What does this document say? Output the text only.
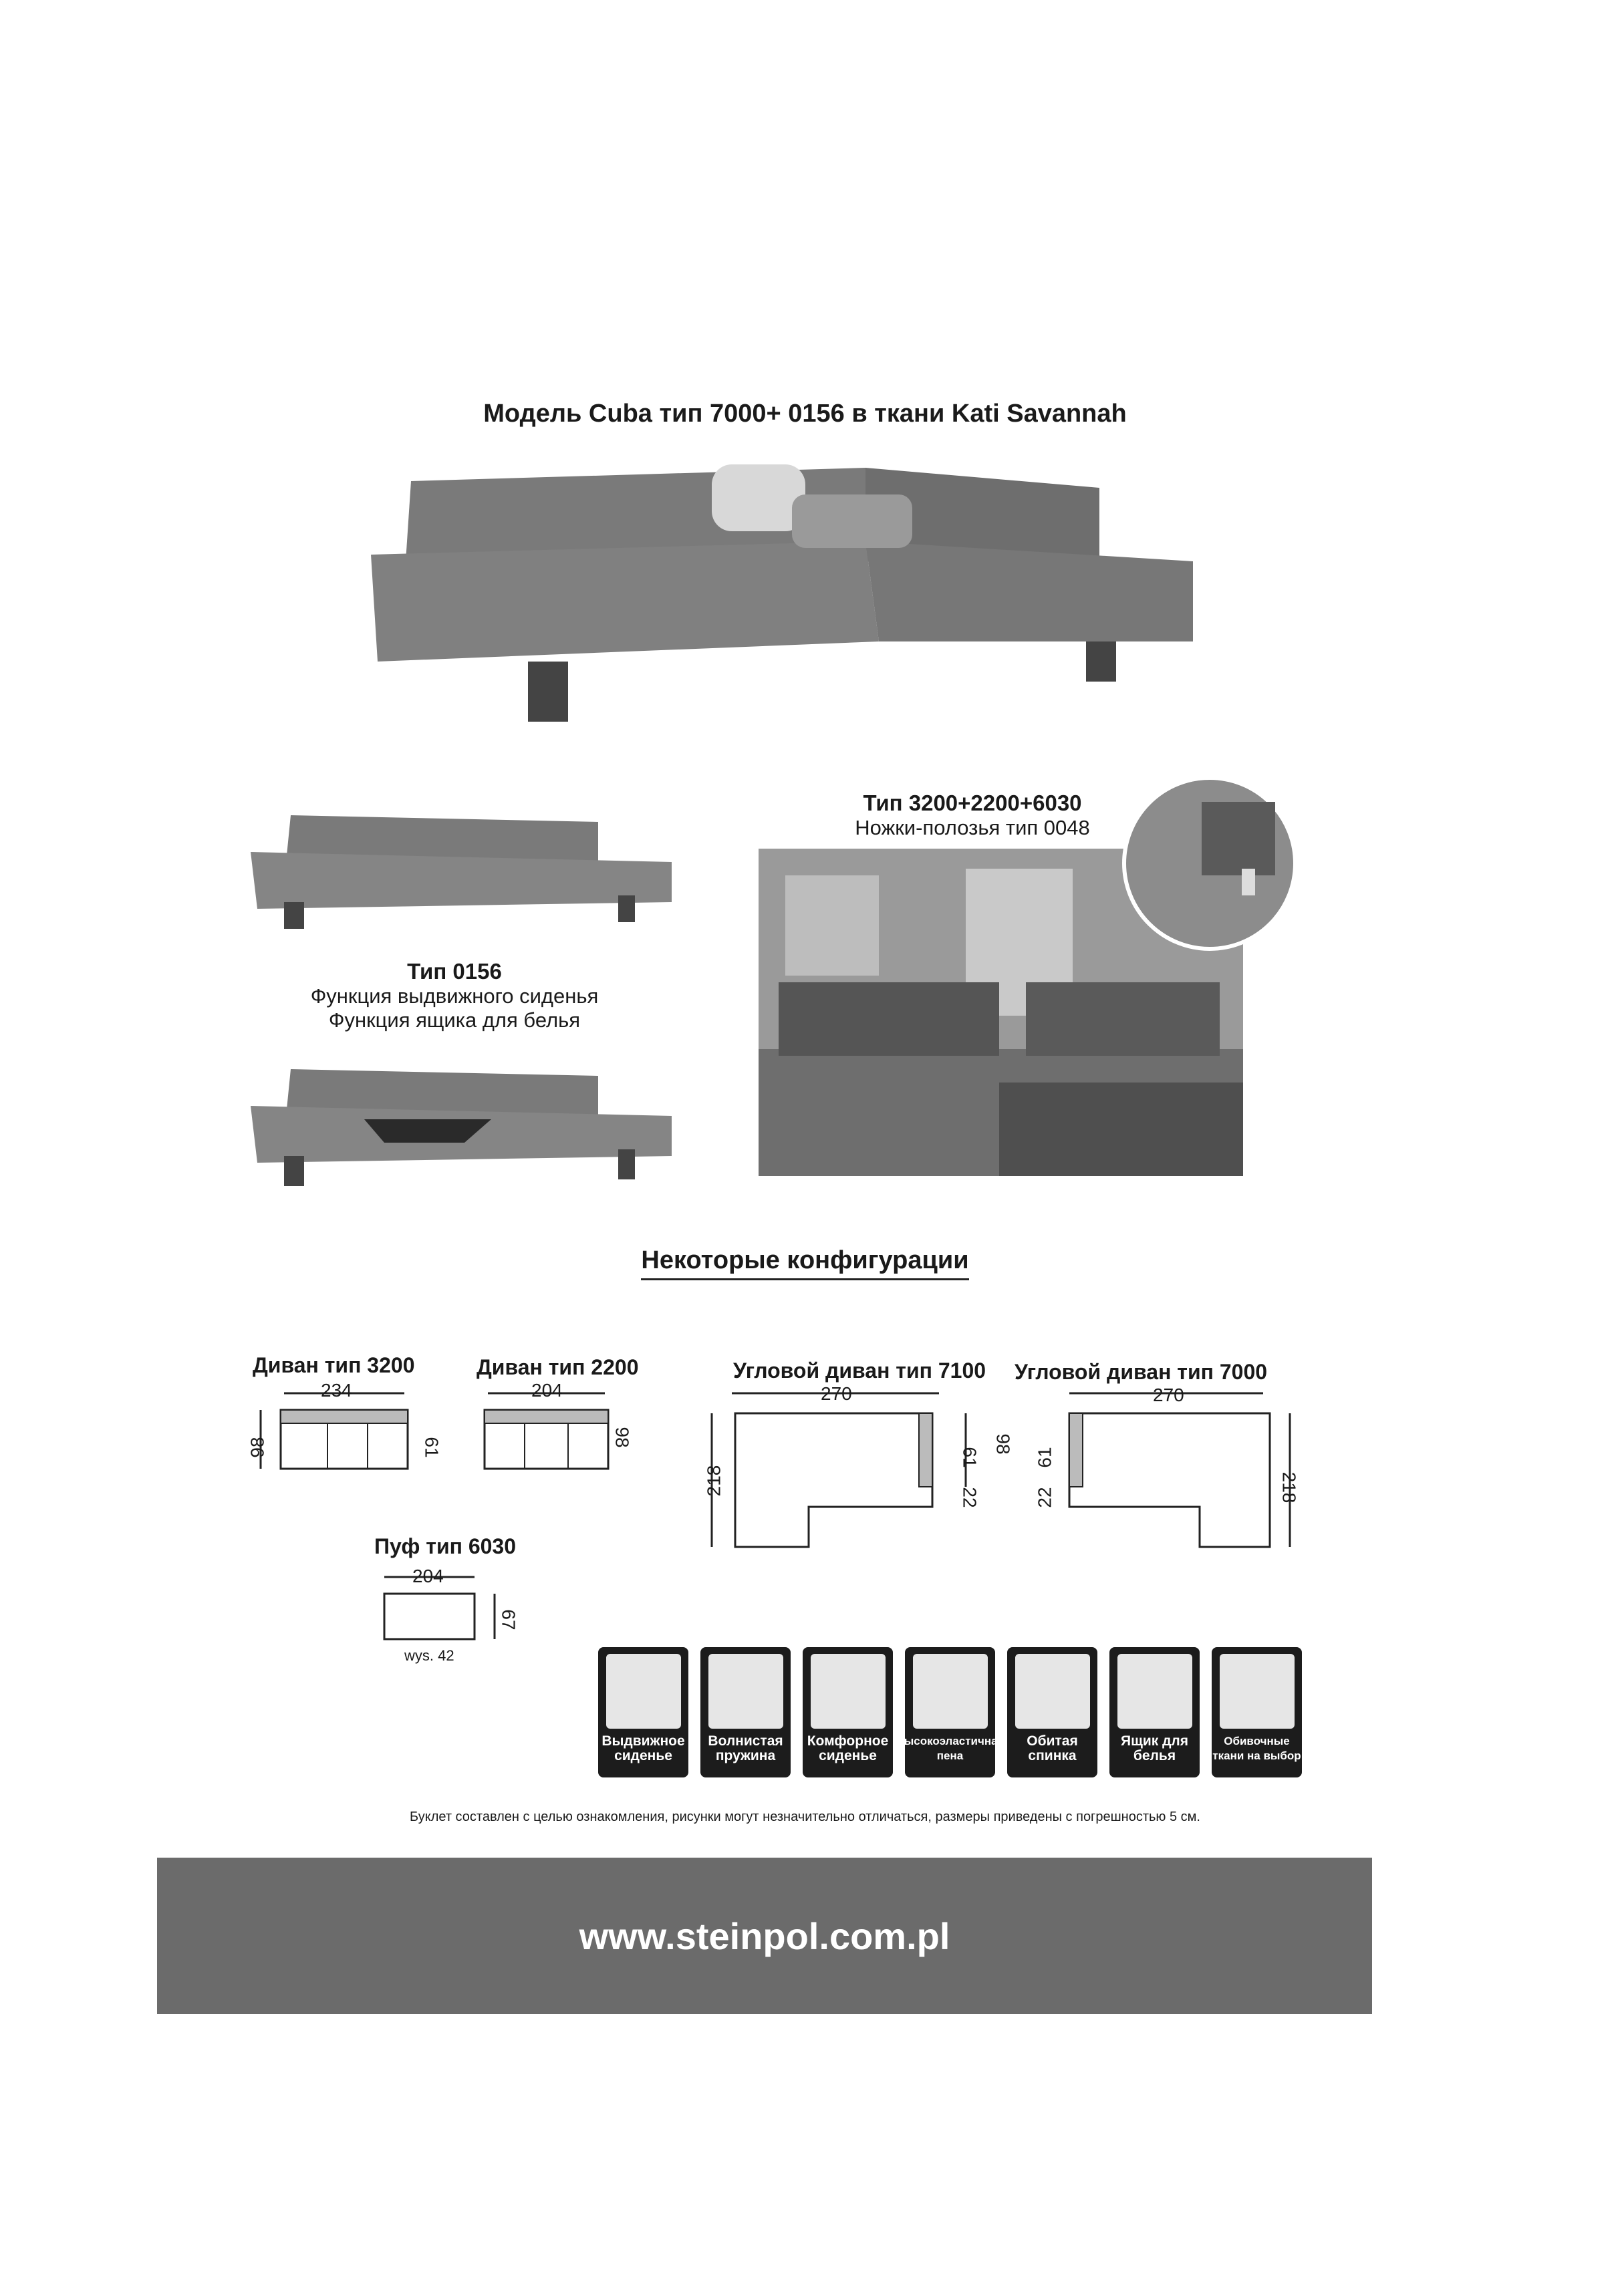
Модель Cuba тип 7000+ 0156 в ткани Kati Savannah
Тип 0156
Функция выдвижного сиденья
Функция ящика для белья
Тип 3200+2200+6030
Ножки-полозья тип 0048
Некоторые конфигурации
Диван тип 3200	Диван тип 2200	Угловой диван тип 7100 Угловой диван тип 7000
Пуф тип 6030
234
98
204
61	98
270
218
61
22
98
270
61
22	218
204
67
wys. 42
Выдвижное сиденье
Волнистая пружина
Комфорное сиденье
Высокоэластичная пена
Обитая спинка
Ящик для белья
Обивочные ткани на выбор
Буклет составлен с целью ознакомления, рисунки могут незначительно отличаться, размеры приведены с погрешностью 5 см.
www.steinpol.com.pl
